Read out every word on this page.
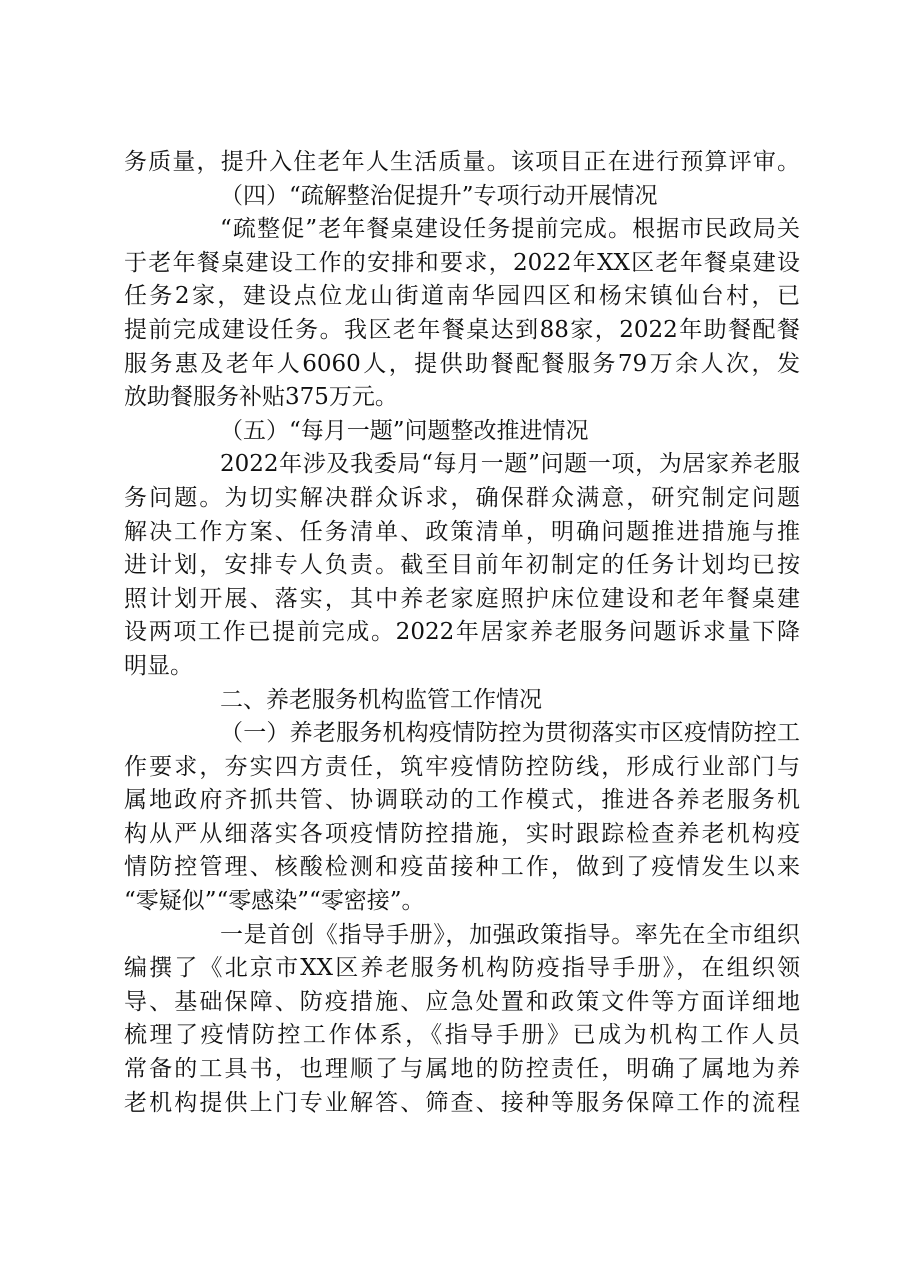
务质量，提升入住老年人生活质量。该项目正在进行预算评审。
（四）“疏解整治促提升”专项行动开展情况
“疏整促”老年餐桌建设任务提前完成。根据市民政局关
于老年餐桌建设工作的安排和要求，2022年XX区老年餐桌建设
任务2家，建设点位龙山街道南华园四区和杨宋镇仙台村，已
提前完成建设任务。我区老年餐桌达到88家，2022年助餐配餐
服务惠及老年人6060人，提供助餐配餐服务79万余人次，发
放助餐服务补贴375万元。
（五）“每月一题”问题整改推进情况
2022年涉及我委局“每月一题”问题一项，为居家养老服
务问题。为切实解决群众诉求，确保群众满意，研究制定问题
解决工作方案、任务清单、政策清单，明确问题推进措施与推
进计划，安排专人负责。截至目前年初制定的任务计划均已按
照计划开展、落实，其中养老家庭照护床位建设和老年餐桌建
设两项工作已提前完成。2022年居家养老服务问题诉求量下降
明显。
二、养老服务机构监管工作情况
（一）养老服务机构疫情防控为贯彻落实市区疫情防控工
作要求，夯实四方责任，筑牢疫情防控防线，形成行业部门与
属地政府齐抓共管、协调联动的工作模式，推进各养老服务机
构从严从细落实各项疫情防控措施，实时跟踪检查养老机构疫
情防控管理、核酸检测和疫苗接种工作，做到了疫情发生以来
“零疑似”“零感染”“零密接”。
一是首创《指导手册》，加强政策指导。率先在全市组织
编撰了《北京市XX区养老服务机构防疫指导手册》，在组织领
导、基础保障、防疫措施、应急处置和政策文件等方面详细地
梳理了疫情防控工作体系，《指导手册》已成为机构工作人员
常备的工具书，也理顺了与属地的防控责任，明确了属地为养
老机构提供上门专业解答、筛查、接种等服务保障工作的流程
